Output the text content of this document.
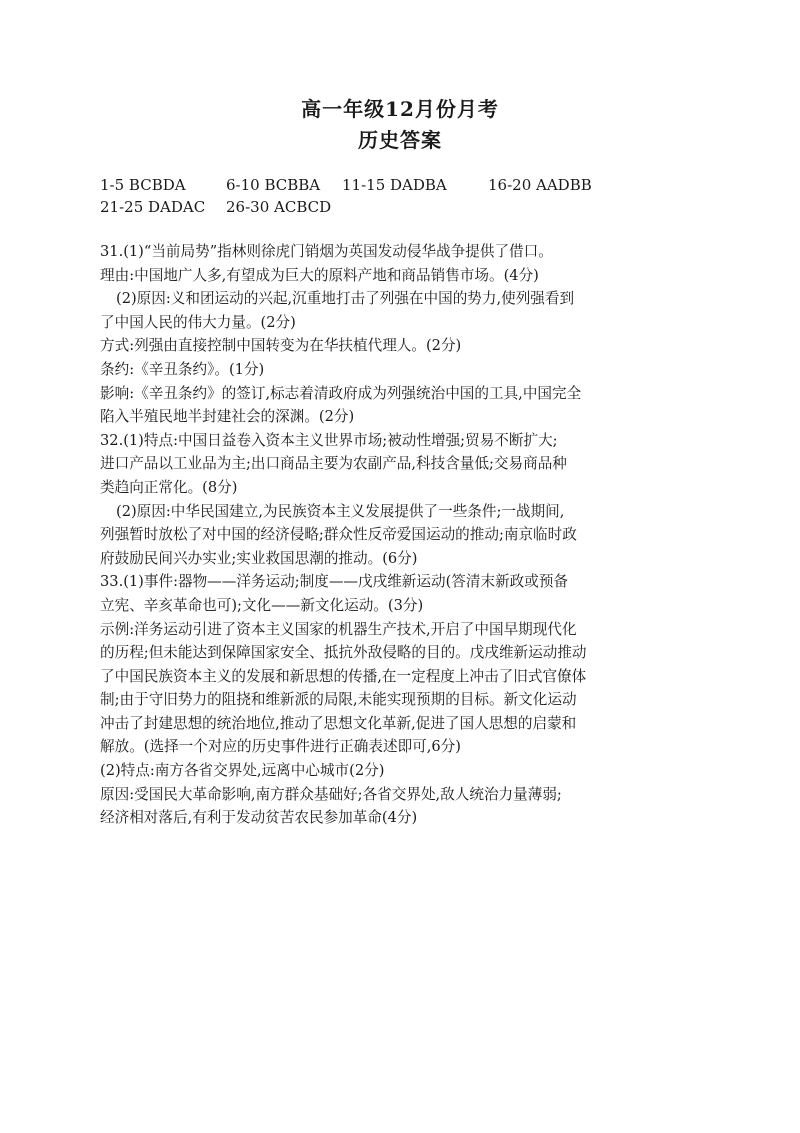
高一年级12月份月考
历史答案
1-5 BCBDA	6-10 BCBBA 11-15 DADBA	16-20 AADBB
21-25 DADAC 26-30 ACBCD
31.(1)“当前局势”指林则徐虎门销烟为英国发动侵华战争提供了借口。
理由:中国地广人多,有望成为巨大的原料产地和商品销售市场。(4分)
(2)原因:义和团运动的兴起,沉重地打击了列强在中国的势力,使列强看到
了中国人民的伟大力量。(2分)
方式:列强由直接控制中国转变为在华扶植代理人。(2分)
条约:《辛丑条约》。(1分)
影响:《辛丑条约》的签订,标志着清政府成为列强统治中国的工具,中国完全
陷入半殖民地半封建社会的深渊。(2分)
32.(1)特点:中国日益卷入资本主义世界市场;被动性增强;贸易不断扩大;
进口产品以工业品为主;出口商品主要为农副产品,科技含量低;交易商品种
类趋向正常化。(8分)
(2)原因:中华民国建立,为民族资本主义发展提供了一些条件;一战期间,
列强暂时放松了对中国的经济侵略;群众性反帝爱国运动的推动;南京临时政
府鼓励民间兴办实业;实业救国思潮的推动。(6分)
33.(1)事件:器物——洋务运动;制度——戊戌维新运动(答清末新政或预备
立宪、辛亥革命也可);文化——新文化运动。(3分)
示例:洋务运动引进了资本主义国家的机器生产技术,开启了中国早期现代化
的历程;但未能达到保障国家安全、抵抗外敌侵略的目的。戊戌维新运动推动
了中国民族资本主义的发展和新思想的传播,在一定程度上冲击了旧式官僚体
制;由于守旧势力的阻挠和维新派的局限,未能实现预期的目标。新文化运动
冲击了封建思想的统治地位,推动了思想文化革新,促进了国人思想的启蒙和
解放。(选择一个对应的历史事件进行正确表述即可,6分)
(2)特点:南方各省交界处,远离中心城市(2分)
原因:受国民大革命影响,南方群众基础好;各省交界处,敌人统治力量薄弱;
经济相对落后,有利于发动贫苦农民参加革命(4分)
